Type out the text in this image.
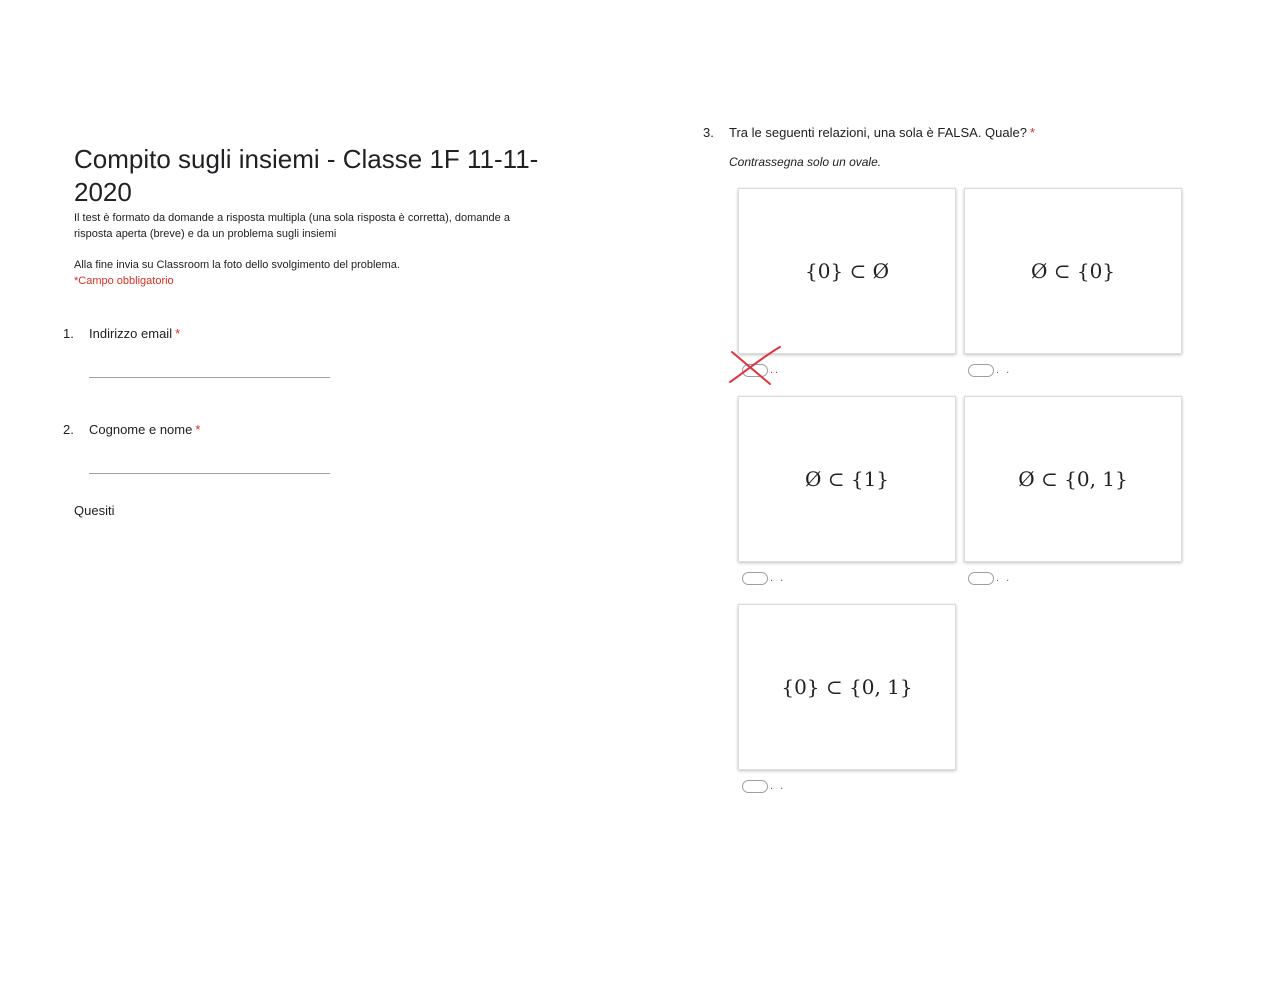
Compito sugli insiemi - Classe 1F 11-11-2020

Il test è formato da domande a risposta multipla (una sola risposta è corretta), domande a risposta aperta (breve) e da un problema sugli insiemi

Alla fine invia su Classroom la foto dello svolgimento del problema.

*Campo obbligatorio
1. Indirizzo email *
2. Cognome e nome *
Quesiti
3. Tra le seguenti relazioni, una sola è FALSA. Quale? *
Contrassegna solo un ovale.
{0} ⊂ Ø
..
Ø ⊂ {0}
. .
Ø ⊂ {1}
. .
Ø ⊂ {0, 1}
. .
{0} ⊂ {0, 1}
. .
